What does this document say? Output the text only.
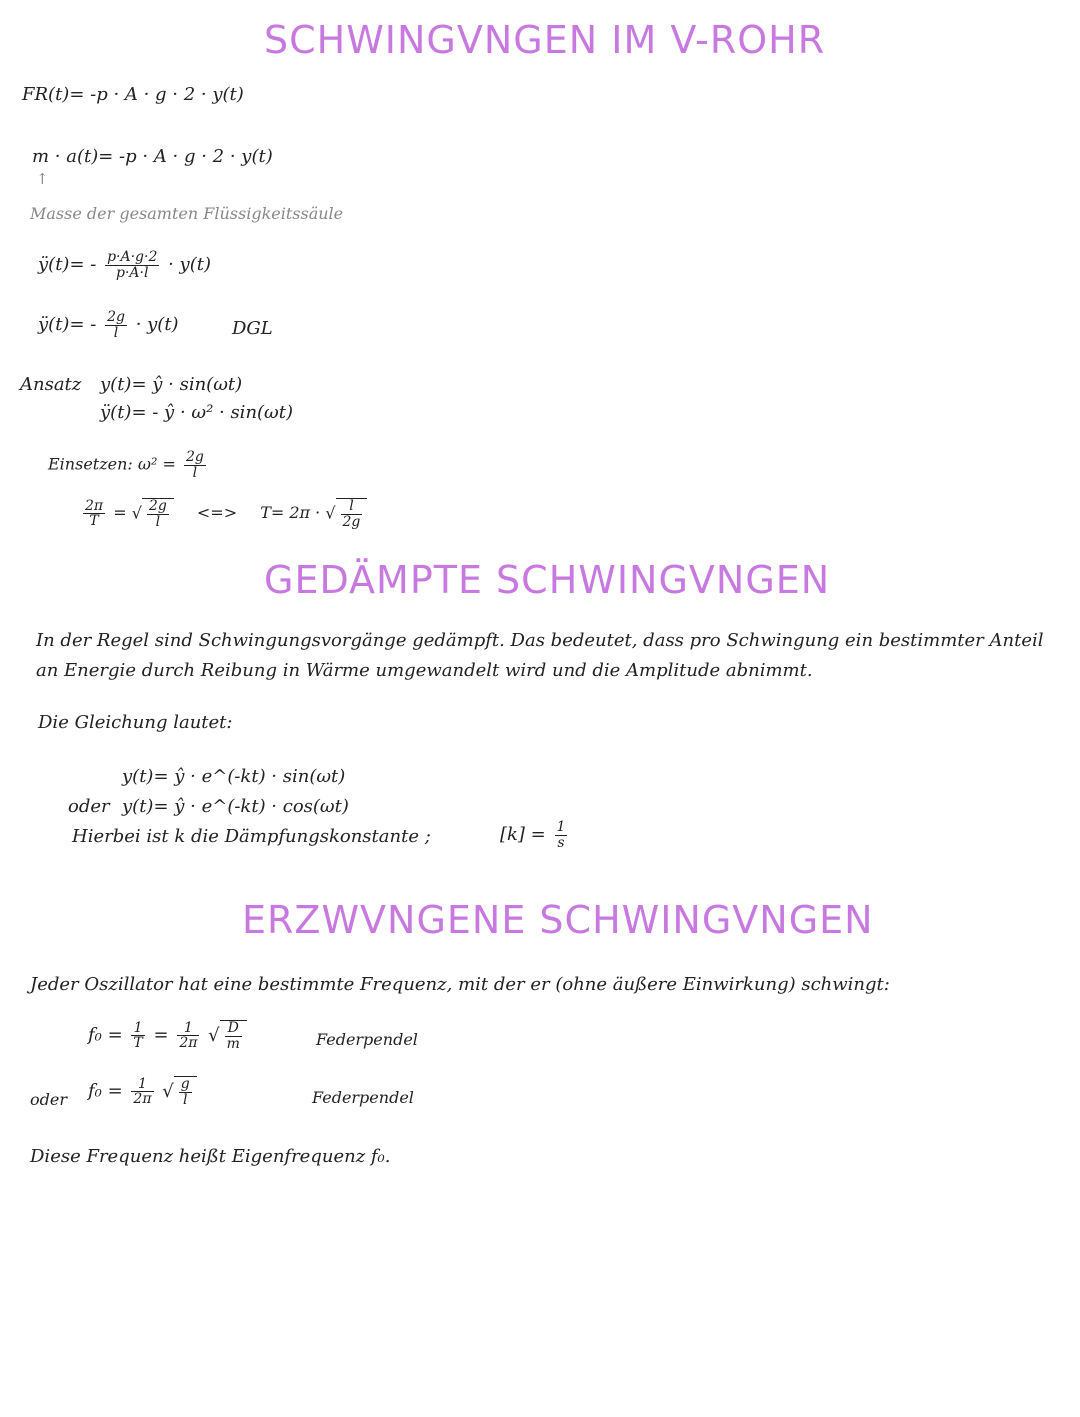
SCHWINGVNGEN IM V-ROHR
FR(t)= -p · A · g · 2 · y(t)
m · a(t)= -p · A · g · 2 · y(t)
↑
Masse der gesamten Flüssigkeitssäule
ÿ(t)= - $\frac{p\cdot A\cdot g\cdot 2}{p\cdot A\cdot l} \cdot y(t)$
ÿ(t)= - $\frac{2g}{l} \cdot y(t)$	DGL
Ansatz y(t)= ŷ · sin(ωt)
ÿ(t)= - ŷ · ω² · sin(ωt)
Einsetzen: $\omega^2 = \frac{2g}{l}$
$\frac{2\pi}{T}$ = √ $\frac{2g}{l}$ <=> T= 2π · √ $\frac{l}{2g}$
GEDÄMPTE SCHWINGVNGEN
In der Regel sind Schwingungsvorgänge gedämpft. Das bedeutet, dass pro Schwingung ein bestimmter Anteil an Energie durch Reibung in Wärme umgewandelt wird und die Amplitude abnimmt.
Die Gleichung lautet:
y(t)= ŷ · e^(-kt) · sin(ωt)
oder y(t)= ŷ · e^(-kt) · cos(ωt)
Hierbei ist k die Dämpfungskonstante ;	$[k] = \frac{1}{s}$
ERZWVNGENE SCHWINGVNGEN
Jeder Oszillator hat eine bestimmte Frequenz, mit der er (ohne äußere Einwirkung) schwingt:
$f_0 = \frac{1}{T} = \frac{1}{2\pi}$ √ $\frac{D}{m}$	Federpendel
oder $f_0 = \frac{1}{2\pi}$ √ $\frac{g}{l}$	Federpendel
Diese Frequenz heißt Eigenfrequenz f₀.
